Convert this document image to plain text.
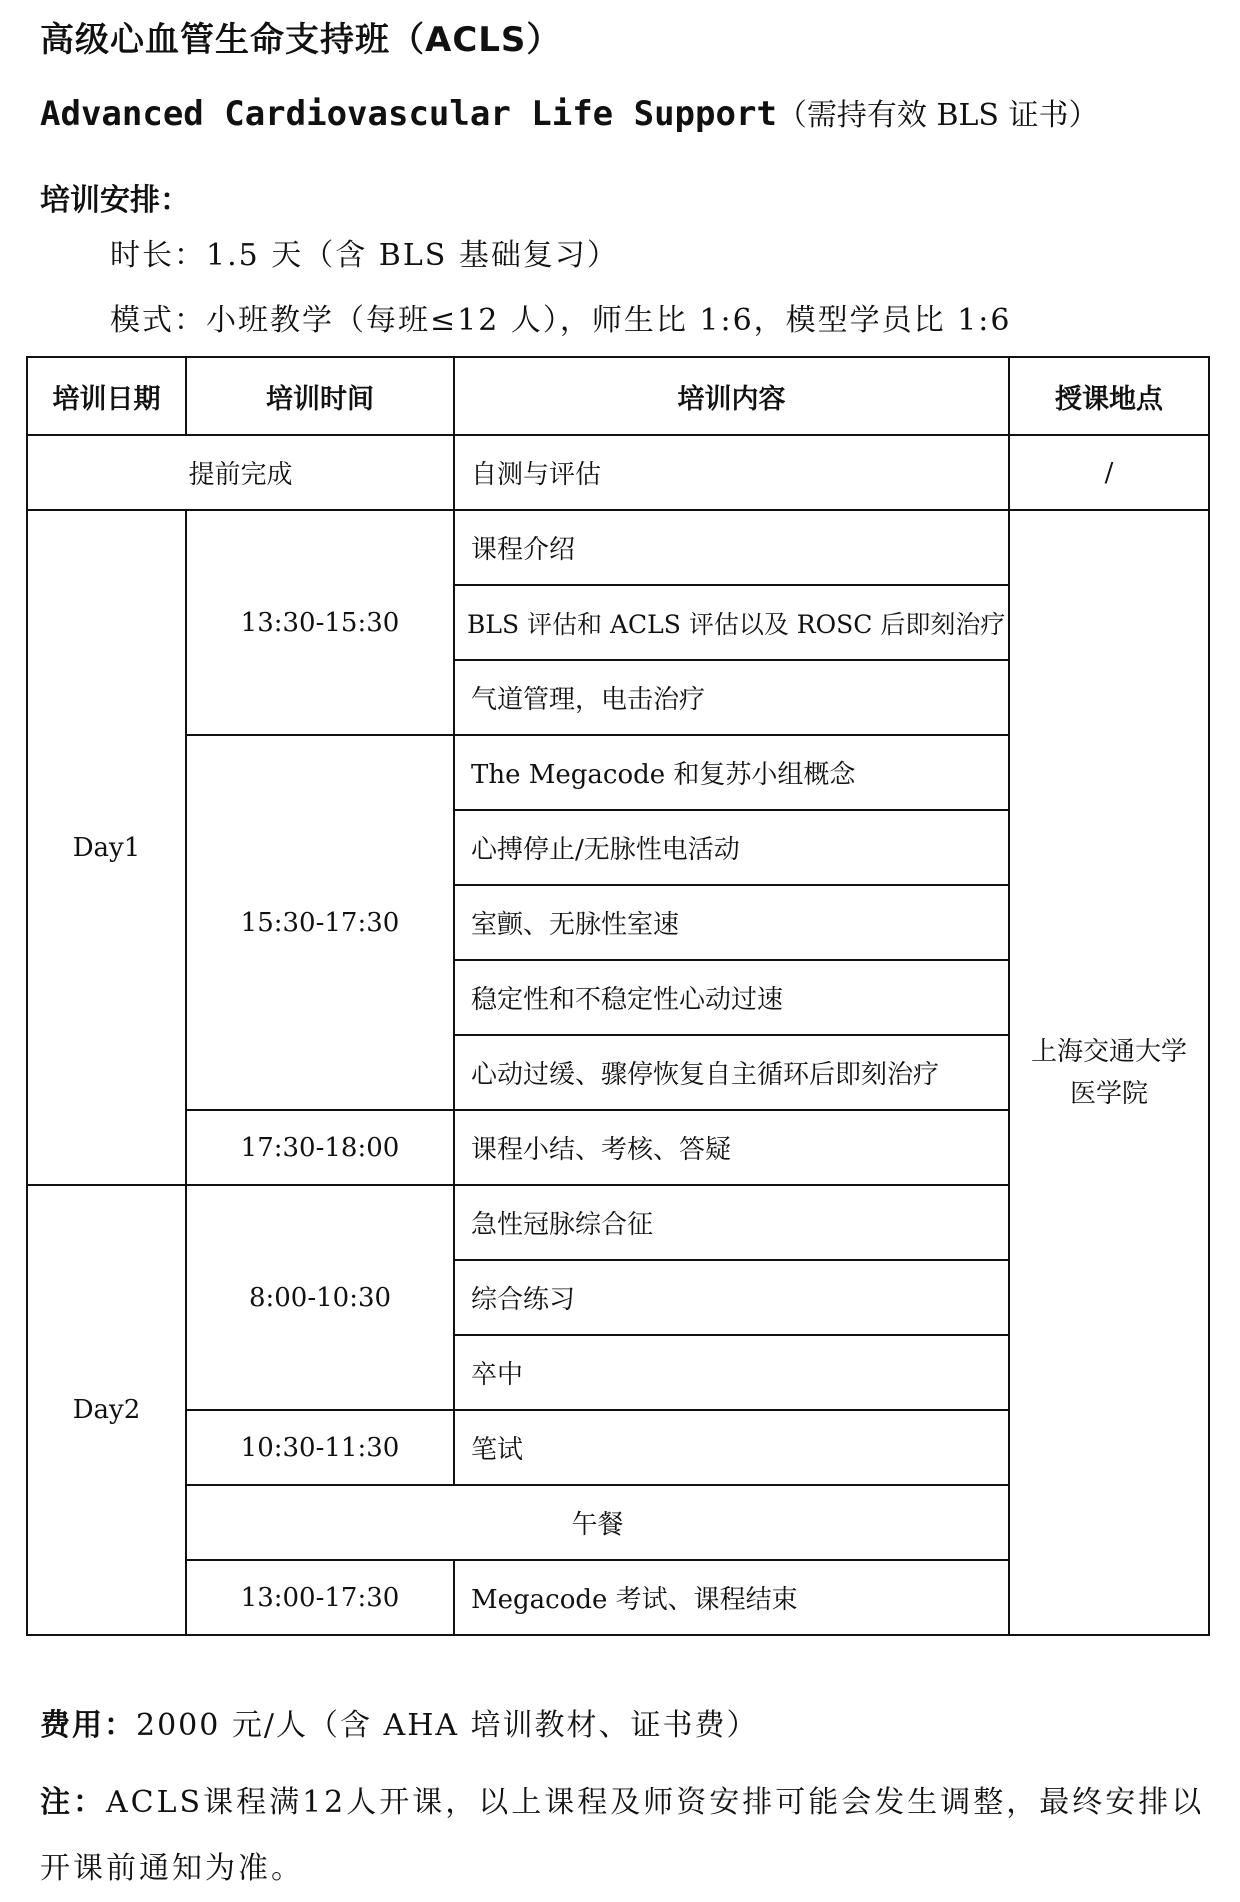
高级心血管生命支持班（ACLS）
Advanced Cardiovascular Life Support（需持有效 BLS 证书）
培训安排：
时长：1.5 天（含 BLS 基础复习）
模式：小班教学（每班≤12 人），师生比 1:6，模型学员比 1:6
培训日期	培训时间	培训内容	授课地点
提前完成		自测与评估	/
Day1	13:30-15:30	课程介绍	上海交通大学医学院
		BLS 评估和 ACLS 评估以及 ROSC 后即刻治疗	
		气道管理，电击治疗	
	15:30-17:30	The Megacode 和复苏小组概念	
		心搏停止/无脉性电活动	
		室颤、无脉性室速	
		稳定性和不稳定性心动过速	
		心动过缓、骤停恢复自主循环后即刻治疗	
	17:30-18:00	课程小结、考核、答疑	
Day2	8:00-10:30	急性冠脉综合征	
		综合练习	
		卒中	
	10:30-11:30	笔试	
	午餐		
	13:00-17:30	Megacode 考试、课程结束	
费用：2000 元/人（含 AHA 培训教材、证书费）
注：ACLS课程满12人开课，以上课程及师资安排可能会发生调整，最终安排以开课前通知为准。
